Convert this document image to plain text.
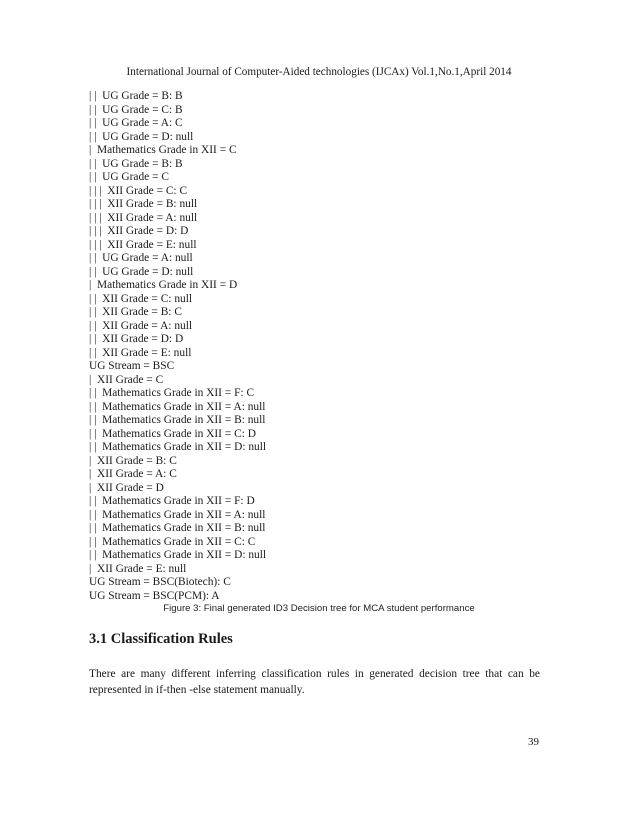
International Journal of Computer-Aided technologies (IJCAx) Vol.1,No.1,April 2014
| |  UG Grade = B: B
| |  UG Grade = C: B
| |  UG Grade = A: C
| |  UG Grade = D: null
|  Mathematics Grade in XII = C
| |  UG Grade = B: B
| |  UG Grade = C
| | |  XII Grade = C: C
| | |  XII Grade = B: null
| | |  XII Grade = A: null
| | |  XII Grade = D: D
| | |  XII Grade = E: null
| |  UG Grade = A: null
| |  UG Grade = D: null
|  Mathematics Grade in XII = D
| |  XII Grade = C: null
| |  XII Grade = B: C
| |  XII Grade = A: null
| |  XII Grade = D: D
| |  XII Grade = E: null
UG Stream = BSC
|  XII Grade = C
| |  Mathematics Grade in XII = F: C
| |  Mathematics Grade in XII = A: null
| |  Mathematics Grade in XII = B: null
| |  Mathematics Grade in XII = C: D
| |  Mathematics Grade in XII = D: null
|  XII Grade = B: C
|  XII Grade = A: C
|  XII Grade = D
| |  Mathematics Grade in XII = F: D
| |  Mathematics Grade in XII = A: null
| |  Mathematics Grade in XII = B: null
| |  Mathematics Grade in XII = C: C
| |  Mathematics Grade in XII = D: null
|  XII Grade = E: null
UG Stream = BSC(Biotech): C
UG Stream = BSC(PCM): A
Figure 3: Final generated ID3 Decision tree for MCA student performance
3.1 Classification Rules

There are many different inferring classification rules in generated decision tree that can be represented in if-then -else statement manually.

39
